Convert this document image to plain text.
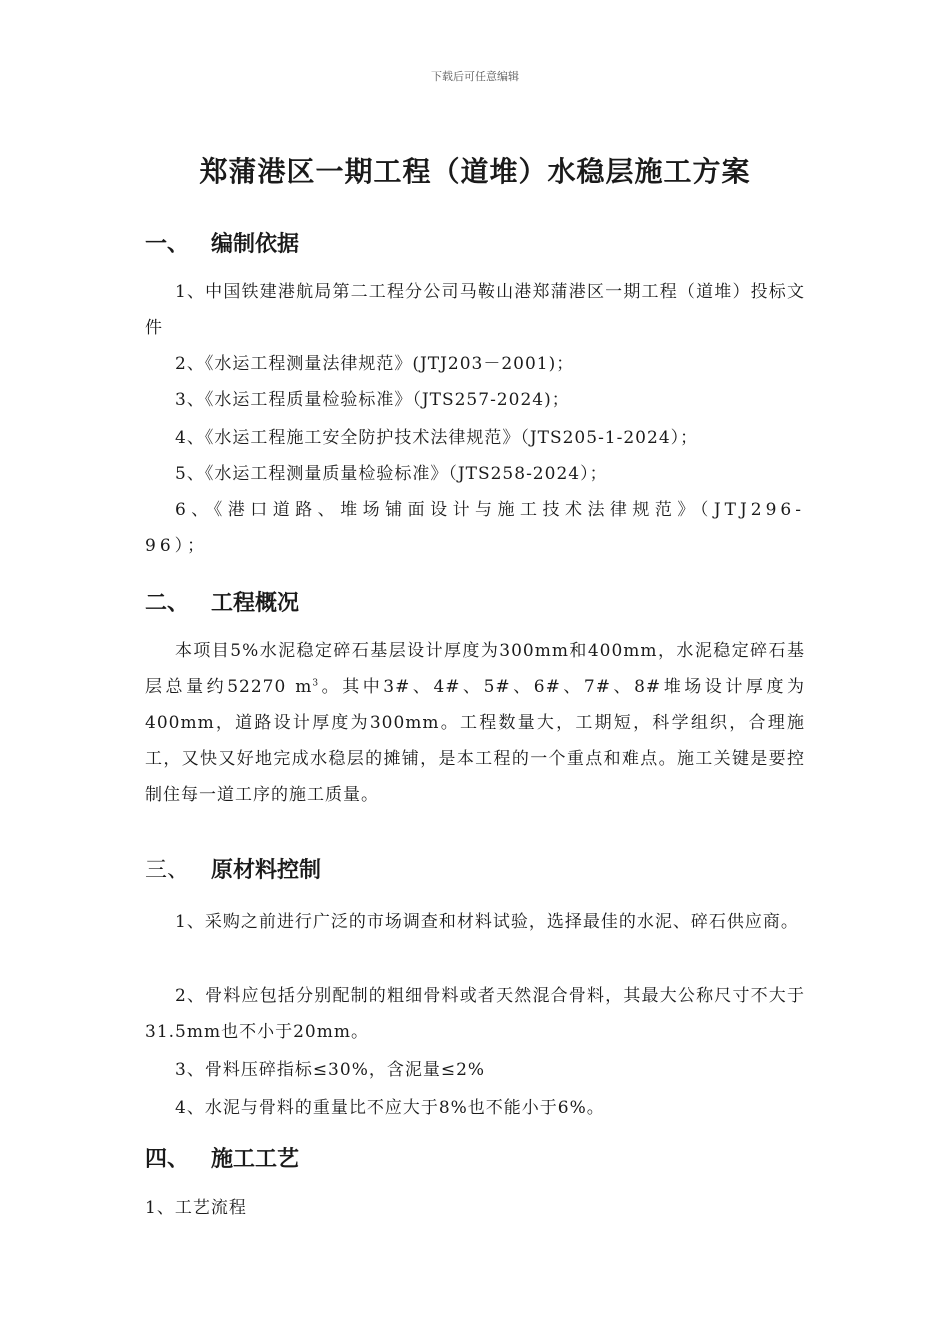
下载后可任意编辑
郑蒲港区一期工程（道堆）水稳层施工方案
一、 编制依据
1、中国铁建港航局第二工程分公司马鞍山港郑蒲港区一期工程（道堆）投标文件
2、《水运工程测量法律规范》(JTJ203－2001)；
3、《水运工程质量检验标准》（JTS257-2024)；
4、《水运工程施工安全防护技术法律规范》（JTS205-1-2024）；
5、《水运工程测量质量检验标准》（JTS258-2024）；
6、《港口道路、堆场铺面设计与施工技术法律规范》（JTJ296-96）；
二、 工程概况
本项目5%水泥稳定碎石基层设计厚度为300mm和400mm，水泥稳定碎石基层总量约52270 $m^3$。其中3#、4#、5#、6#、7#、8#堆场设计厚度为400mm，道路设计厚度为300mm。工程数量大，工期短，科学组织，合理施工，又快又好地完成水稳层的摊铺，是本工程的一个重点和难点。施工关键是要控制住每一道工序的施工质量。
三、 原材料控制
1、采购之前进行广泛的市场调查和材料试验，选择最佳的水泥、碎石供应商。
2、骨料应包括分别配制的粗细骨料或者天然混合骨料，其最大公称尺寸不大于31.5mm也不小于20mm。
3、骨料压碎指标≤30%，含泥量≤2%
4、水泥与骨料的重量比不应大于8%也不能小于6%。
四、 施工工艺
1、工艺流程
